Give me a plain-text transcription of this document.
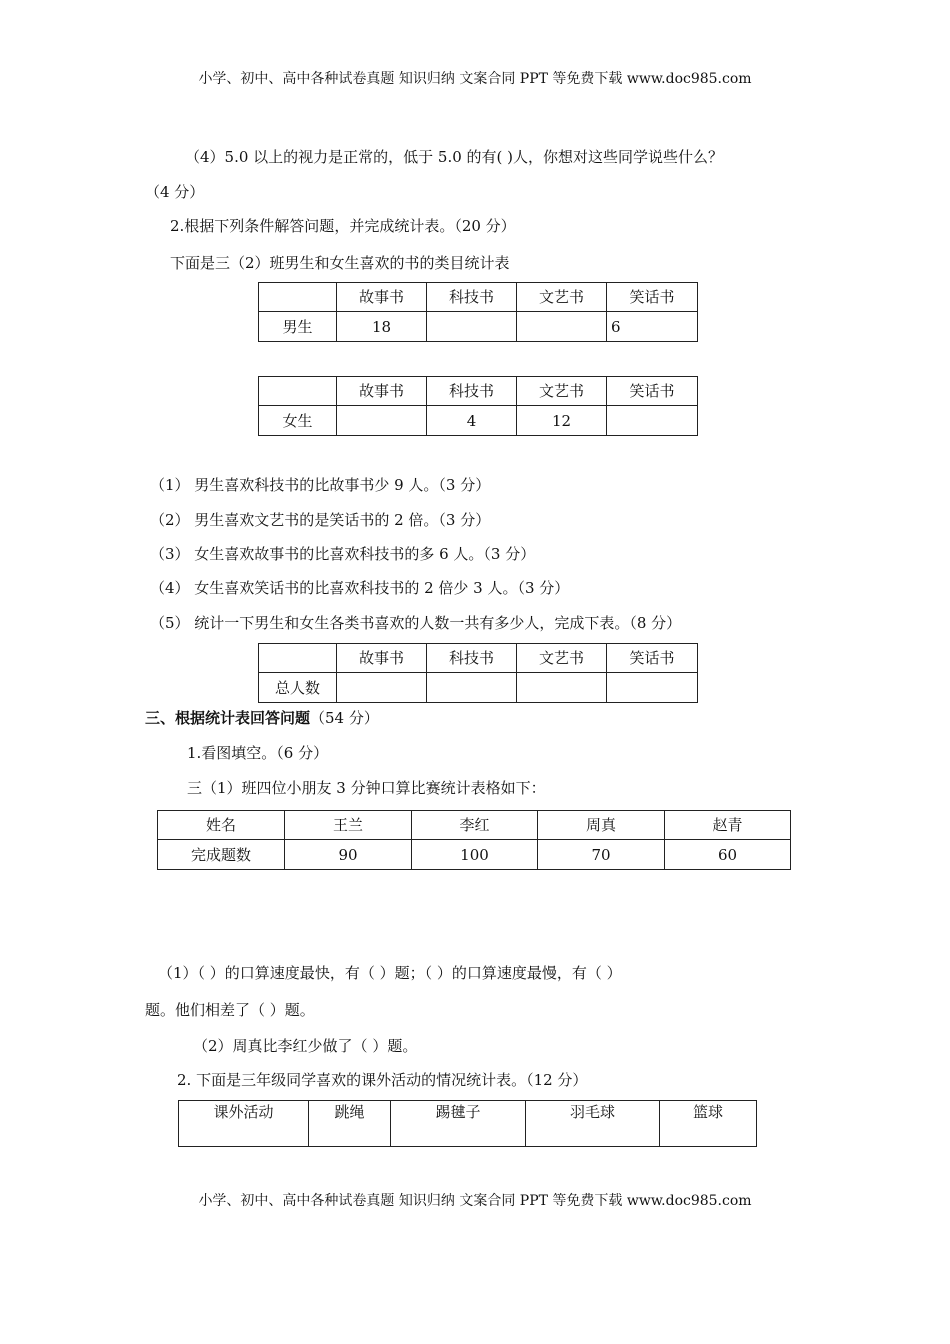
小学、初中、高中各种试卷真题 知识归纳 文案合同 PPT 等免费下载 www.doc985.com
（4）5.0 以上的视力是正常的，低于 5.0 的有( )人，你想对这些同学说些什么？
（4 分）
2.根据下列条件解答问题，并完成统计表。（20 分）
下面是三（2）班男生和女生喜欢的书的类目统计表
	故事书	科技书	文艺书	笑话书
男生	18			6
	故事书	科技书	文艺书	笑话书
女生		4	12	
（1） 男生喜欢科技书的比故事书少 9 人。（3 分）
（2） 男生喜欢文艺书的是笑话书的 2 倍。（3 分）
（3） 女生喜欢故事书的比喜欢科技书的多 6 人。（3 分）
（4） 女生喜欢笑话书的比喜欢科技书的 2 倍少 3 人。（3 分）
（5） 统计一下男生和女生各类书喜欢的人数一共有多少人，完成下表。（8 分）
	故事书	科技书	文艺书	笑话书
总人数				
三、根据统计表回答问题（54 分）
1.看图填空。（6 分）
三（1）班四位小朋友 3 分钟口算比赛统计表格如下：
姓名	王兰	李红	周真	赵青
完成题数	90	100	70	60
（1）（ ）的口算速度最快，有（ ）题；（ ）的口算速度最慢，有（ ）
题。他们相差了（ ）题。
（2）周真比李红少做了（ ）题。
2. 下面是三年级同学喜欢的课外活动的情况统计表。（12 分）
课外活动	跳绳	踢毽子	羽毛球	篮球
小学、初中、高中各种试卷真题 知识归纳 文案合同 PPT 等免费下载 www.doc985.com
